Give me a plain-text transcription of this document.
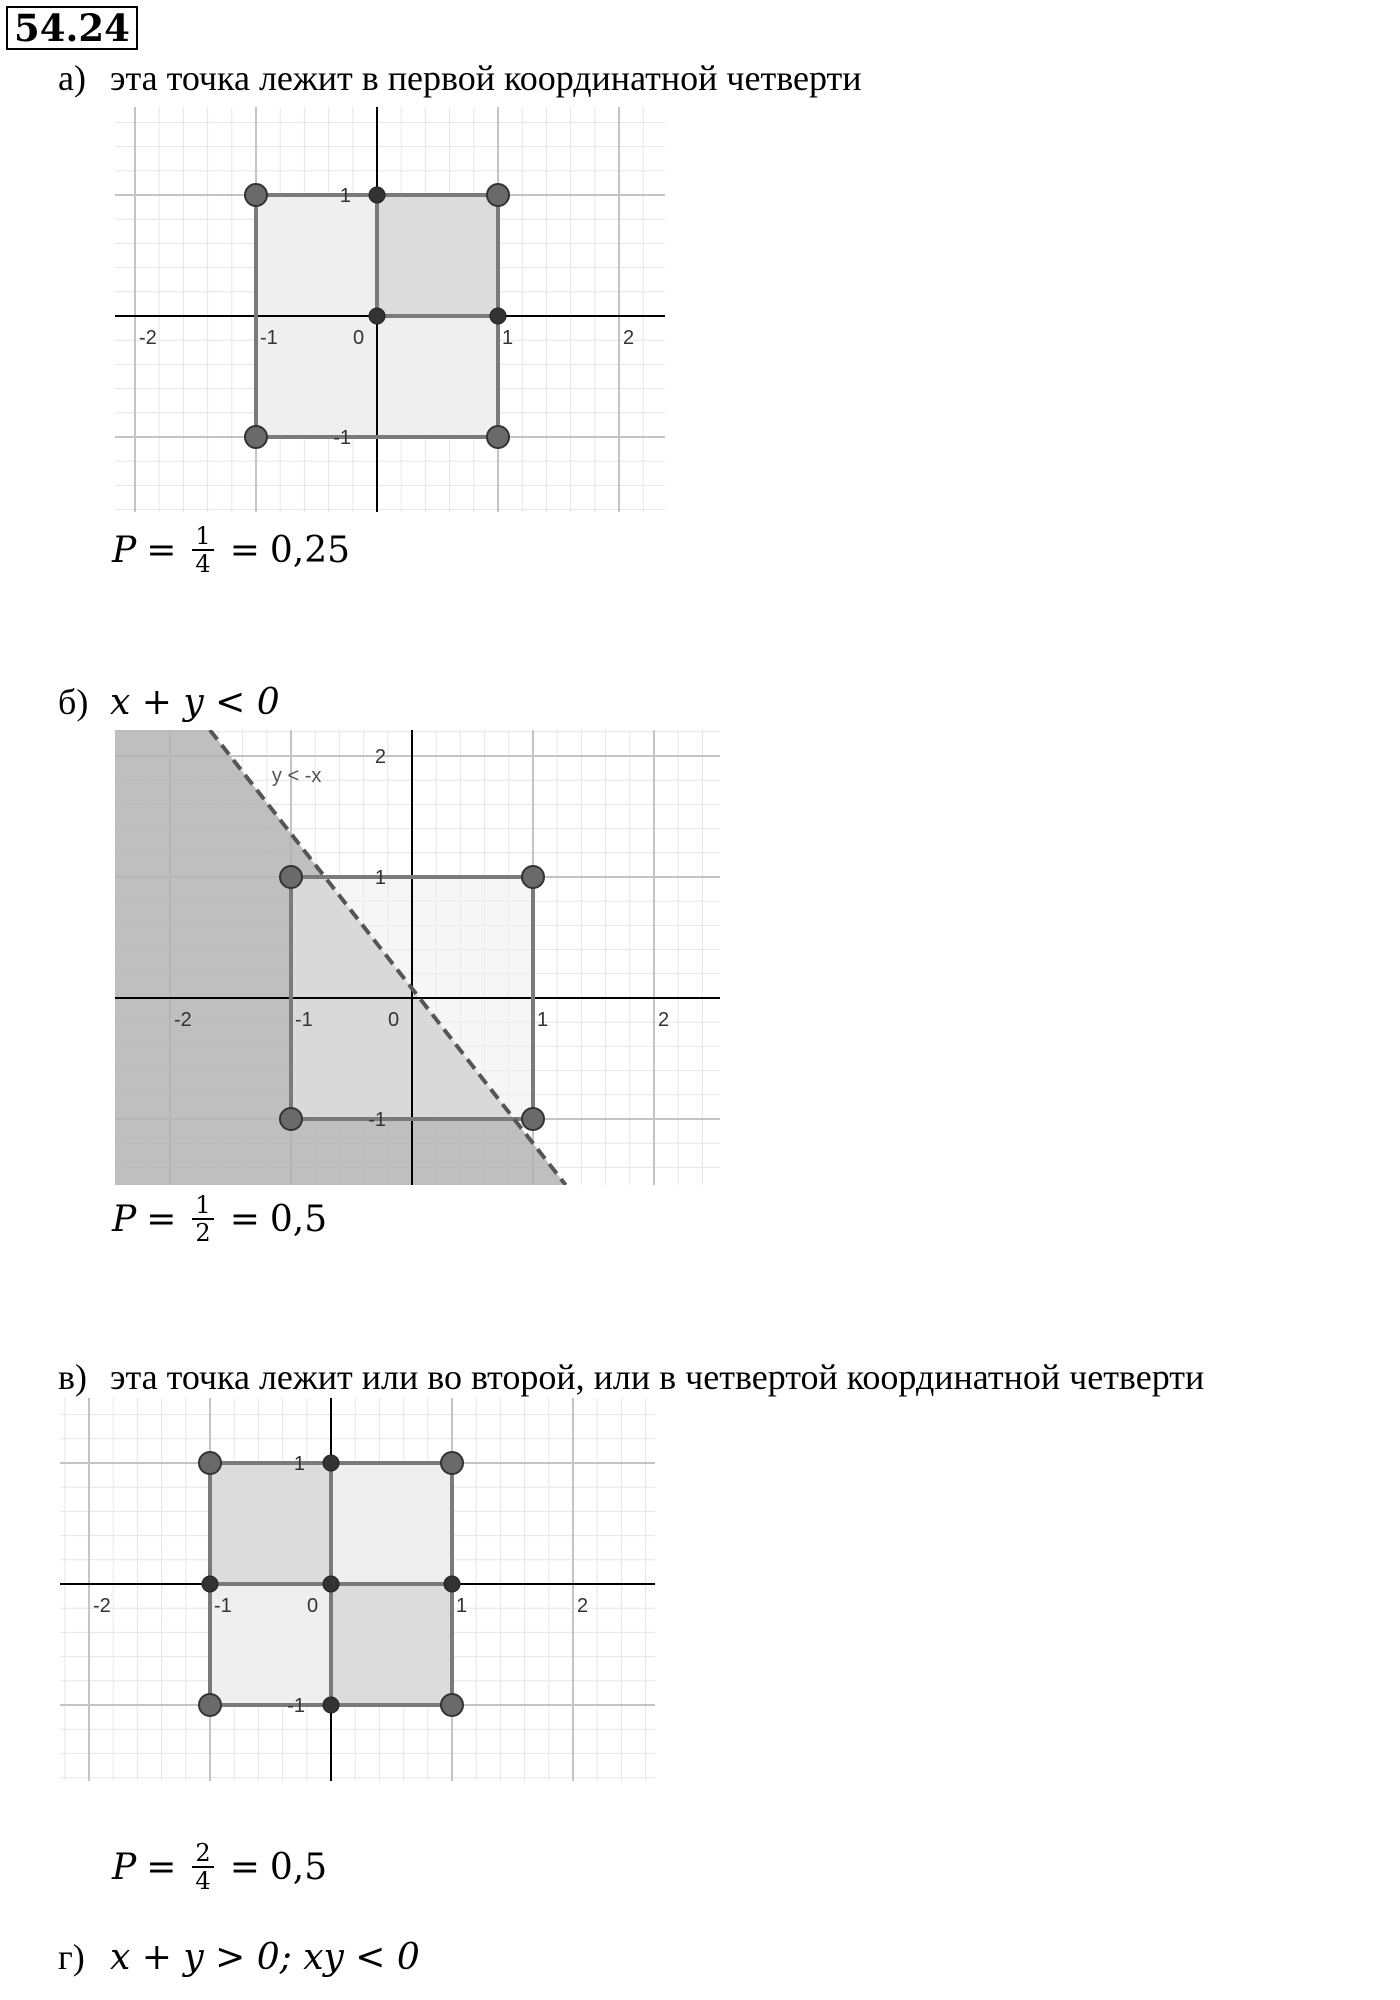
54.24
а) эта точка лежит в первой координатной четверти
-2	-1	0	1	2
1
-1
$P = \frac{1}{4} = 0,25$
б) x + y < 0
y < -x
-2	-1	0	1	2
2
1
-1
$P = \frac{1}{2} = 0,5$
в) эта точка лежит или во второй, или в четвертой координатной четверти
-2	-1	0	1	2
1
-1
$P = \frac{2}{4} = 0,5$
г) x + y > 0; xy < 0
